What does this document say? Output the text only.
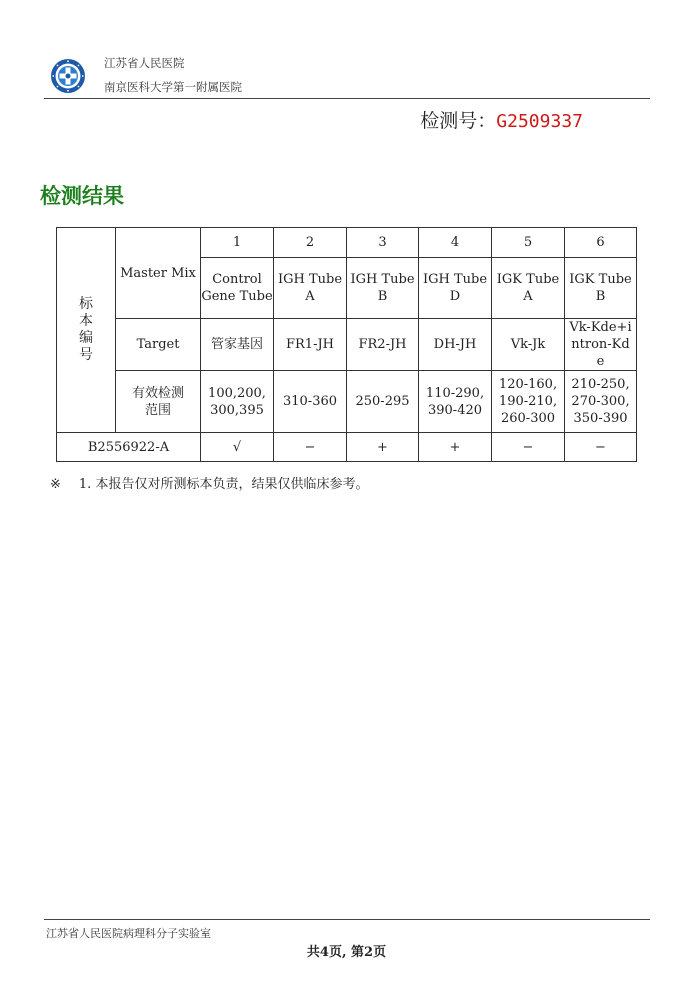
江苏省人民医院
南京医科大学第一附属医院
检测号：G2509337
检测结果
标本编号	Master Mix	1	2	3	4	5	6
		Control Gene Tube	IGH Tube A	IGH Tube B	IGH Tube D	IGK Tube A	IGK Tube B
	Target	管家基因	FR1-JH	FR2-JH	DH-JH	Vk-Jk	Vk-Kde+intron-Kde

	有效检测范围	100,200, 300,395	310-360	250-295	110-290, 390-420	120-160, 190-210, 260-300	210-250, 270-300, 350-390

B2556922-A		√	−	+	+	−	−
※ 1. 本报告仅对所测标本负责，结果仅供临床参考。
江苏省人民医院病理科分子实验室
共4页, 第2页
